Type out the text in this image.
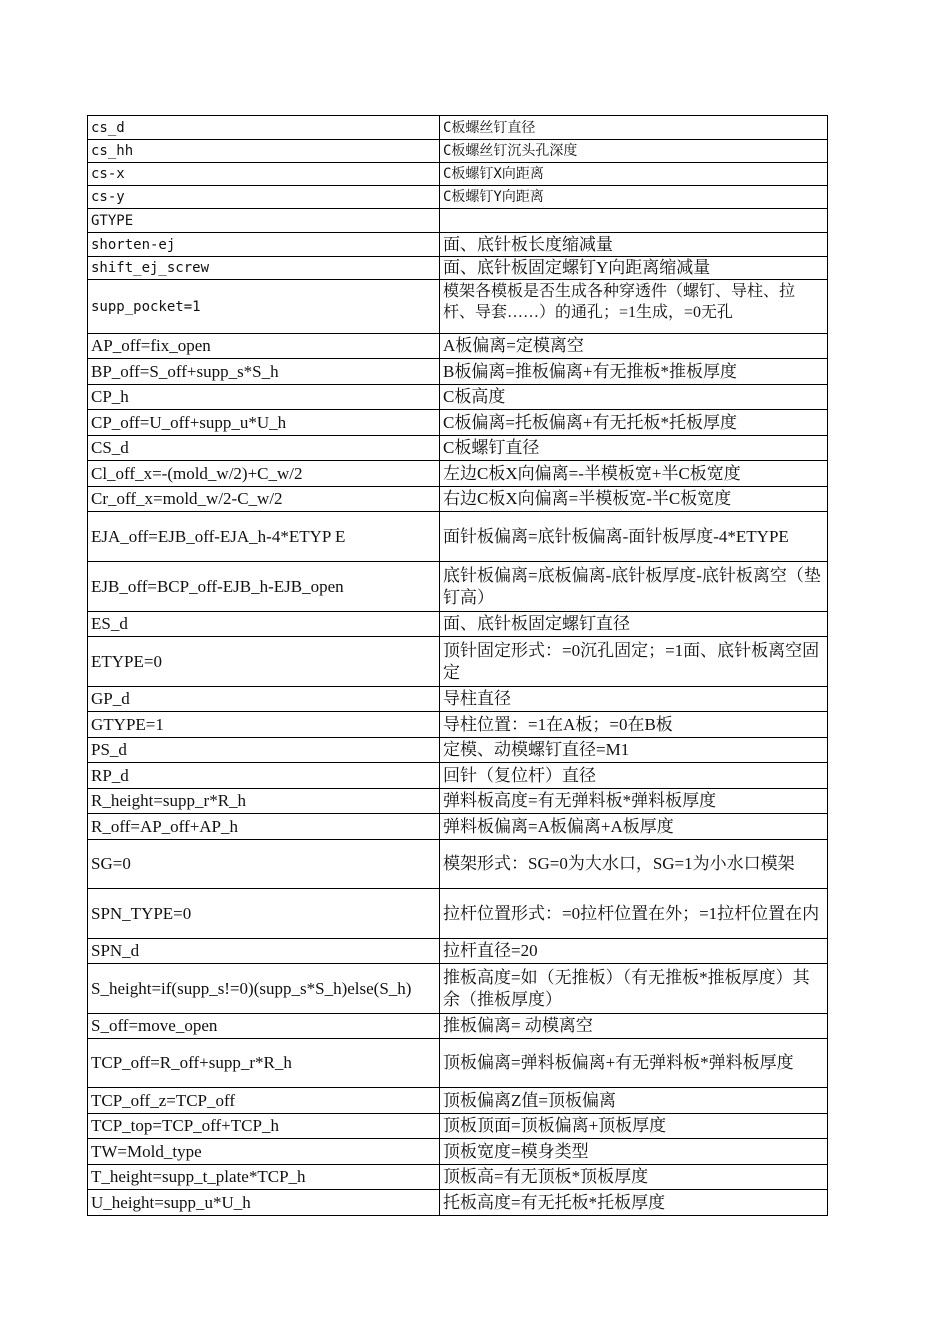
cs_d	C板螺丝钉直径
cs_hh	C板螺丝钉沉头孔深度
cs-x	C板螺钉X向距离
cs-y	C板螺钉Y向距离
GTYPE	
shorten-ej	面、底针板长度缩减量
shift_ej_screw	面、底针板固定螺钉Y向距离缩减量
supp_pocket=1	模架各模板是否生成各种穿透件（螺钉、导柱、拉杆、导套……）的通孔；=1生成，=0无孔

AP_off=fix_open	A板偏离=定模离空
BP_off=S_off+supp_s*S_h	B板偏离=推板偏离+有无推板*推板厚度
CP_h	C板高度
CP_off=U_off+supp_u*U_h	C板偏离=托板偏离+有无托板*托板厚度
CS_d	C板螺钉直径
Cl_off_x=-(mold_w/2)+C_w/2	左边C板X向偏离=-半模板宽+半C板宽度
Cr_off_x=mold_w/2-C_w/2	右边C板X向偏离=半模板宽-半C板宽度
EJA_off=EJB_off-EJA_h-4*ETYP E	面针板偏离=底针板偏离-面针板厚度-4*ETYPE
EJB_off=BCP_off-EJB_h-EJB_open	底针板偏离=底板偏离-底针板厚度-底针板离空（垫钉高）
ES_d	面、底针板固定螺钉直径
ETYPE=0	顶针固定形式：=0沉孔固定；=1面、底针板离空固定
GP_d	导柱直径
GTYPE=1	导柱位置：=1在A板；=0在B板
PS_d	定模、动模螺钉直径=M1
RP_d	回针（复位杆）直径
R_height=supp_r*R_h	弹料板高度=有无弹料板*弹料板厚度
R_off=AP_off+AP_h	弹料板偏离=A板偏离+A板厚度
SG=0	模架形式：SG=0为大水口，SG=1为小水口模架
SPN_TYPE=0	拉杆位置形式：=0拉杆位置在外；=1拉杆位置在内
SPN_d	拉杆直径=20
S_height=if(supp_s!=0)(supp_s*S_h)else(S_h)	推板高度=如（无推板）（有无推板*推板厚度）其余（推板厚度）
S_off=move_open	推板偏离= 动模离空
TCP_off=R_off+supp_r*R_h	顶板偏离=弹料板偏离+有无弹料板*弹料板厚度
TCP_off_z=TCP_off	顶板偏离Z值=顶板偏离
TCP_top=TCP_off+TCP_h	顶板顶面=顶板偏离+顶板厚度
TW=Mold_type	顶板宽度=模身类型
T_height=supp_t_plate*TCP_h	顶板高=有无顶板*顶板厚度
U_height=supp_u*U_h	托板高度=有无托板*托板厚度
